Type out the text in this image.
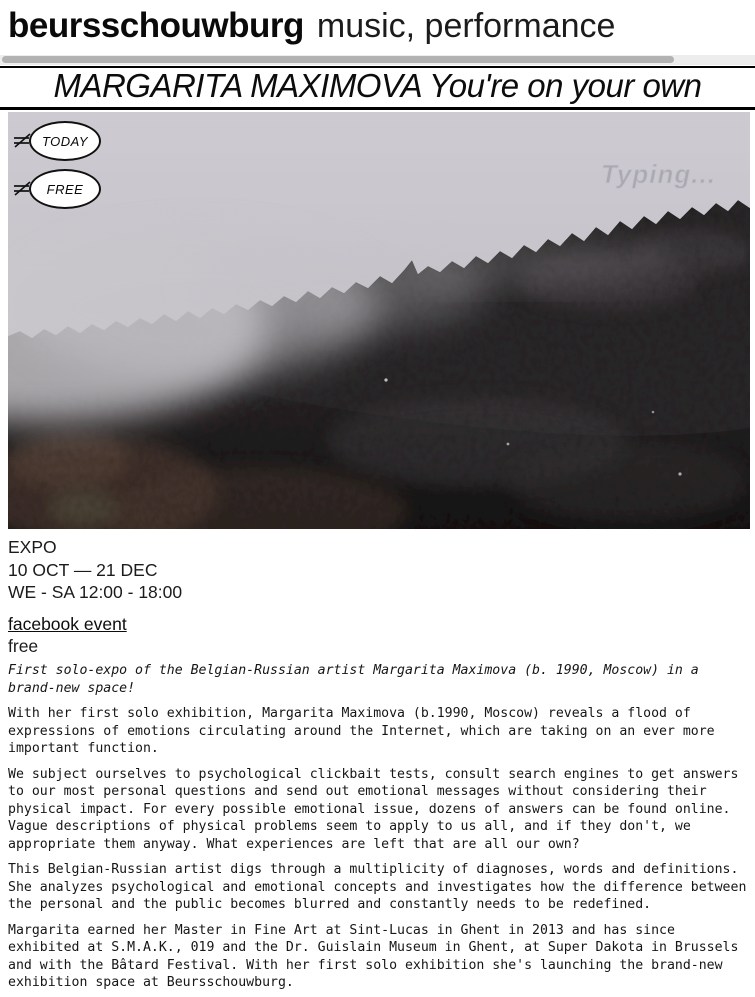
beursschouwburg music, performance
MARGARITA MAXIMOVA You're on your own
TODAY
FREE	Typing...
EXPO
10 OCT — 21 DEC
WE - SA 12:00 - 18:00
facebook event
free

First solo-expo of the Belgian-Russian artist Margarita Maximova (b. 1990, Moscow) in a brand-new space!

With her first solo exhibition, Margarita Maximova (b.1990, Moscow) reveals a flood of expressions of emotions circulating around the Internet, which are taking on an ever more important function.

We subject ourselves to psychological clickbait tests, consult search engines to get answers to our most personal questions and send out emotional messages without considering their physical impact. For every possible emotional issue, dozens of answers can be found online. Vague descriptions of physical problems seem to apply to us all, and if they don't, we appropriate them anyway. What experiences are left that are all our own?

This Belgian-Russian artist digs through a multiplicity of diagnoses, words and definitions. She analyzes psychological and emotional concepts and investigates how the difference between the personal and the public becomes blurred and constantly needs to be redefined.

Margarita earned her Master in Fine Art at Sint-Lucas in Ghent in 2013 and has since exhibited at S.M.A.K., 019 and the Dr. Guislain Museum in Ghent, at Super Dakota in Brussels and with the Bâtard Festival. With her first solo exhibition she's launching the brand-new exhibition space at Beursschouwburg.
